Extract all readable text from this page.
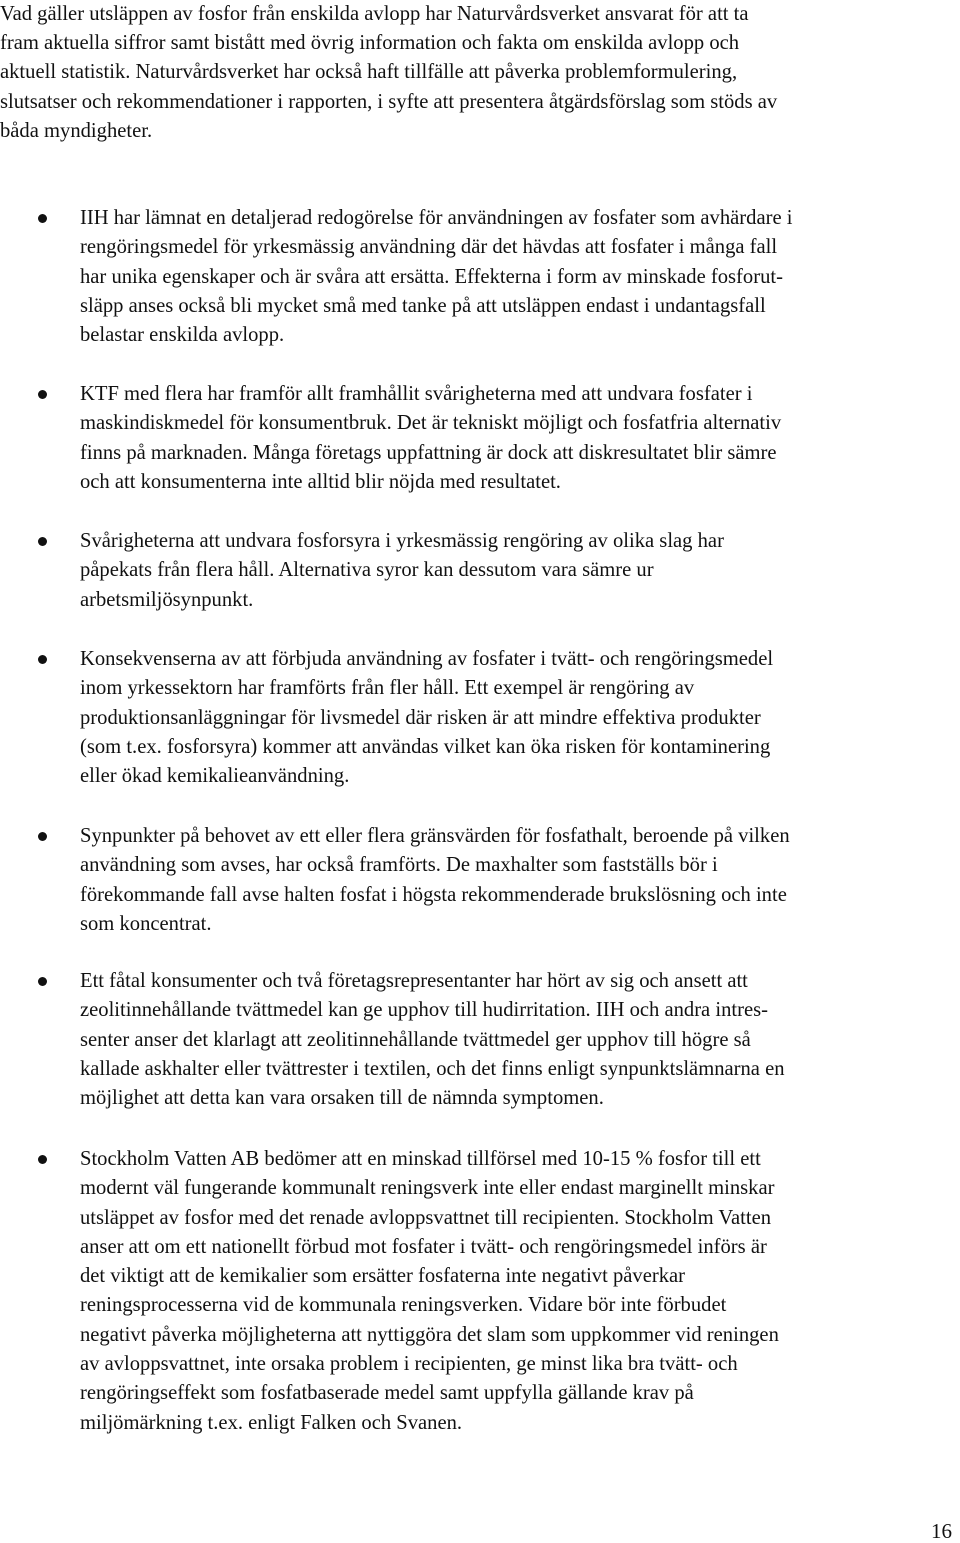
Vad gäller utsläppen av fosfor från enskilda avlopp har Naturvårdsverket ansvarat för att ta
fram aktuella siffror samt bistått med övrig information och fakta om enskilda avlopp och
aktuell statistik. Naturvårdsverket har också haft tillfälle att påverka problemformulering,
slutsatser och rekommendationer i rapporten, i syfte att presentera åtgärdsförslag som stöds av
båda myndigheter.

IIH har lämnat en detaljerad redogörelse för användningen av fosfater som avhärdare i
rengöringsmedel för yrkesmässig användning där det hävdas att fosfater i många fall
har unika egenskaper och är svåra att ersätta. Effekterna i form av minskade fosforut-
släpp anses också bli mycket små med tanke på att utsläppen endast i undantagsfall
belastar enskilda avlopp.
KTF med flera har framför allt framhållit svårigheterna med att undvara fosfater i
maskindiskmedel för konsumentbruk. Det är tekniskt möjligt och fosfatfria alternativ
finns på marknaden. Många företags uppfattning är dock att diskresultatet blir sämre
och att konsumenterna inte alltid blir nöjda med resultatet.
Svårigheterna att undvara fosforsyra i yrkesmässig rengöring av olika slag har
påpekats från flera håll. Alternativa syror kan dessutom vara sämre ur
arbetsmiljösynpunkt.
Konsekvenserna av att förbjuda användning av fosfater i tvätt- och rengöringsmedel
inom yrkessektorn har framförts från fler håll. Ett exempel är rengöring av
produktionsanläggningar för livsmedel där risken är att mindre effektiva produkter
(som t.ex. fosforsyra) kommer att användas vilket kan öka risken för kontaminering
eller ökad kemikalieanvändning.
Synpunkter på behovet av ett eller flera gränsvärden för fosfathalt, beroende på vilken
användning som avses, har också framförts. De maxhalter som fastställs bör i
förekommande fall avse halten fosfat i högsta rekommenderade brukslösning och inte
som koncentrat.
Ett fåtal konsumenter och två företagsrepresentanter har hört av sig och ansett att
zeolitinnehållande tvättmedel kan ge upphov till hudirritation. IIH och andra intres-
senter anser det klarlagt att zeolitinnehållande tvättmedel ger upphov till högre så
kallade askhalter eller tvättrester i textilen, och det finns enligt synpunktslämnarna en
möjlighet att detta kan vara orsaken till de nämnda symptomen.
Stockholm Vatten AB bedömer att en minskad tillförsel med 10-15 % fosfor till ett
modernt väl fungerande kommunalt reningsverk inte eller endast marginellt minskar
utsläppet av fosfor med det renade avloppsvattnet till recipienten. Stockholm Vatten
anser att om ett nationellt förbud mot fosfater i tvätt- och rengöringsmedel införs är
det viktigt att de kemikalier som ersätter fosfaterna inte negativt påverkar
reningsprocesserna vid de kommunala reningsverken. Vidare bör inte förbudet
negativt påverka möjligheterna att nyttiggöra det slam som uppkommer vid reningen
av avloppsvattnet, inte orsaka problem i recipienten, ge minst lika bra tvätt- och
rengöringseffekt som fosfatbaserade medel samt uppfylla gällande krav på
miljömärkning t.ex. enligt Falken och Svanen.
16
